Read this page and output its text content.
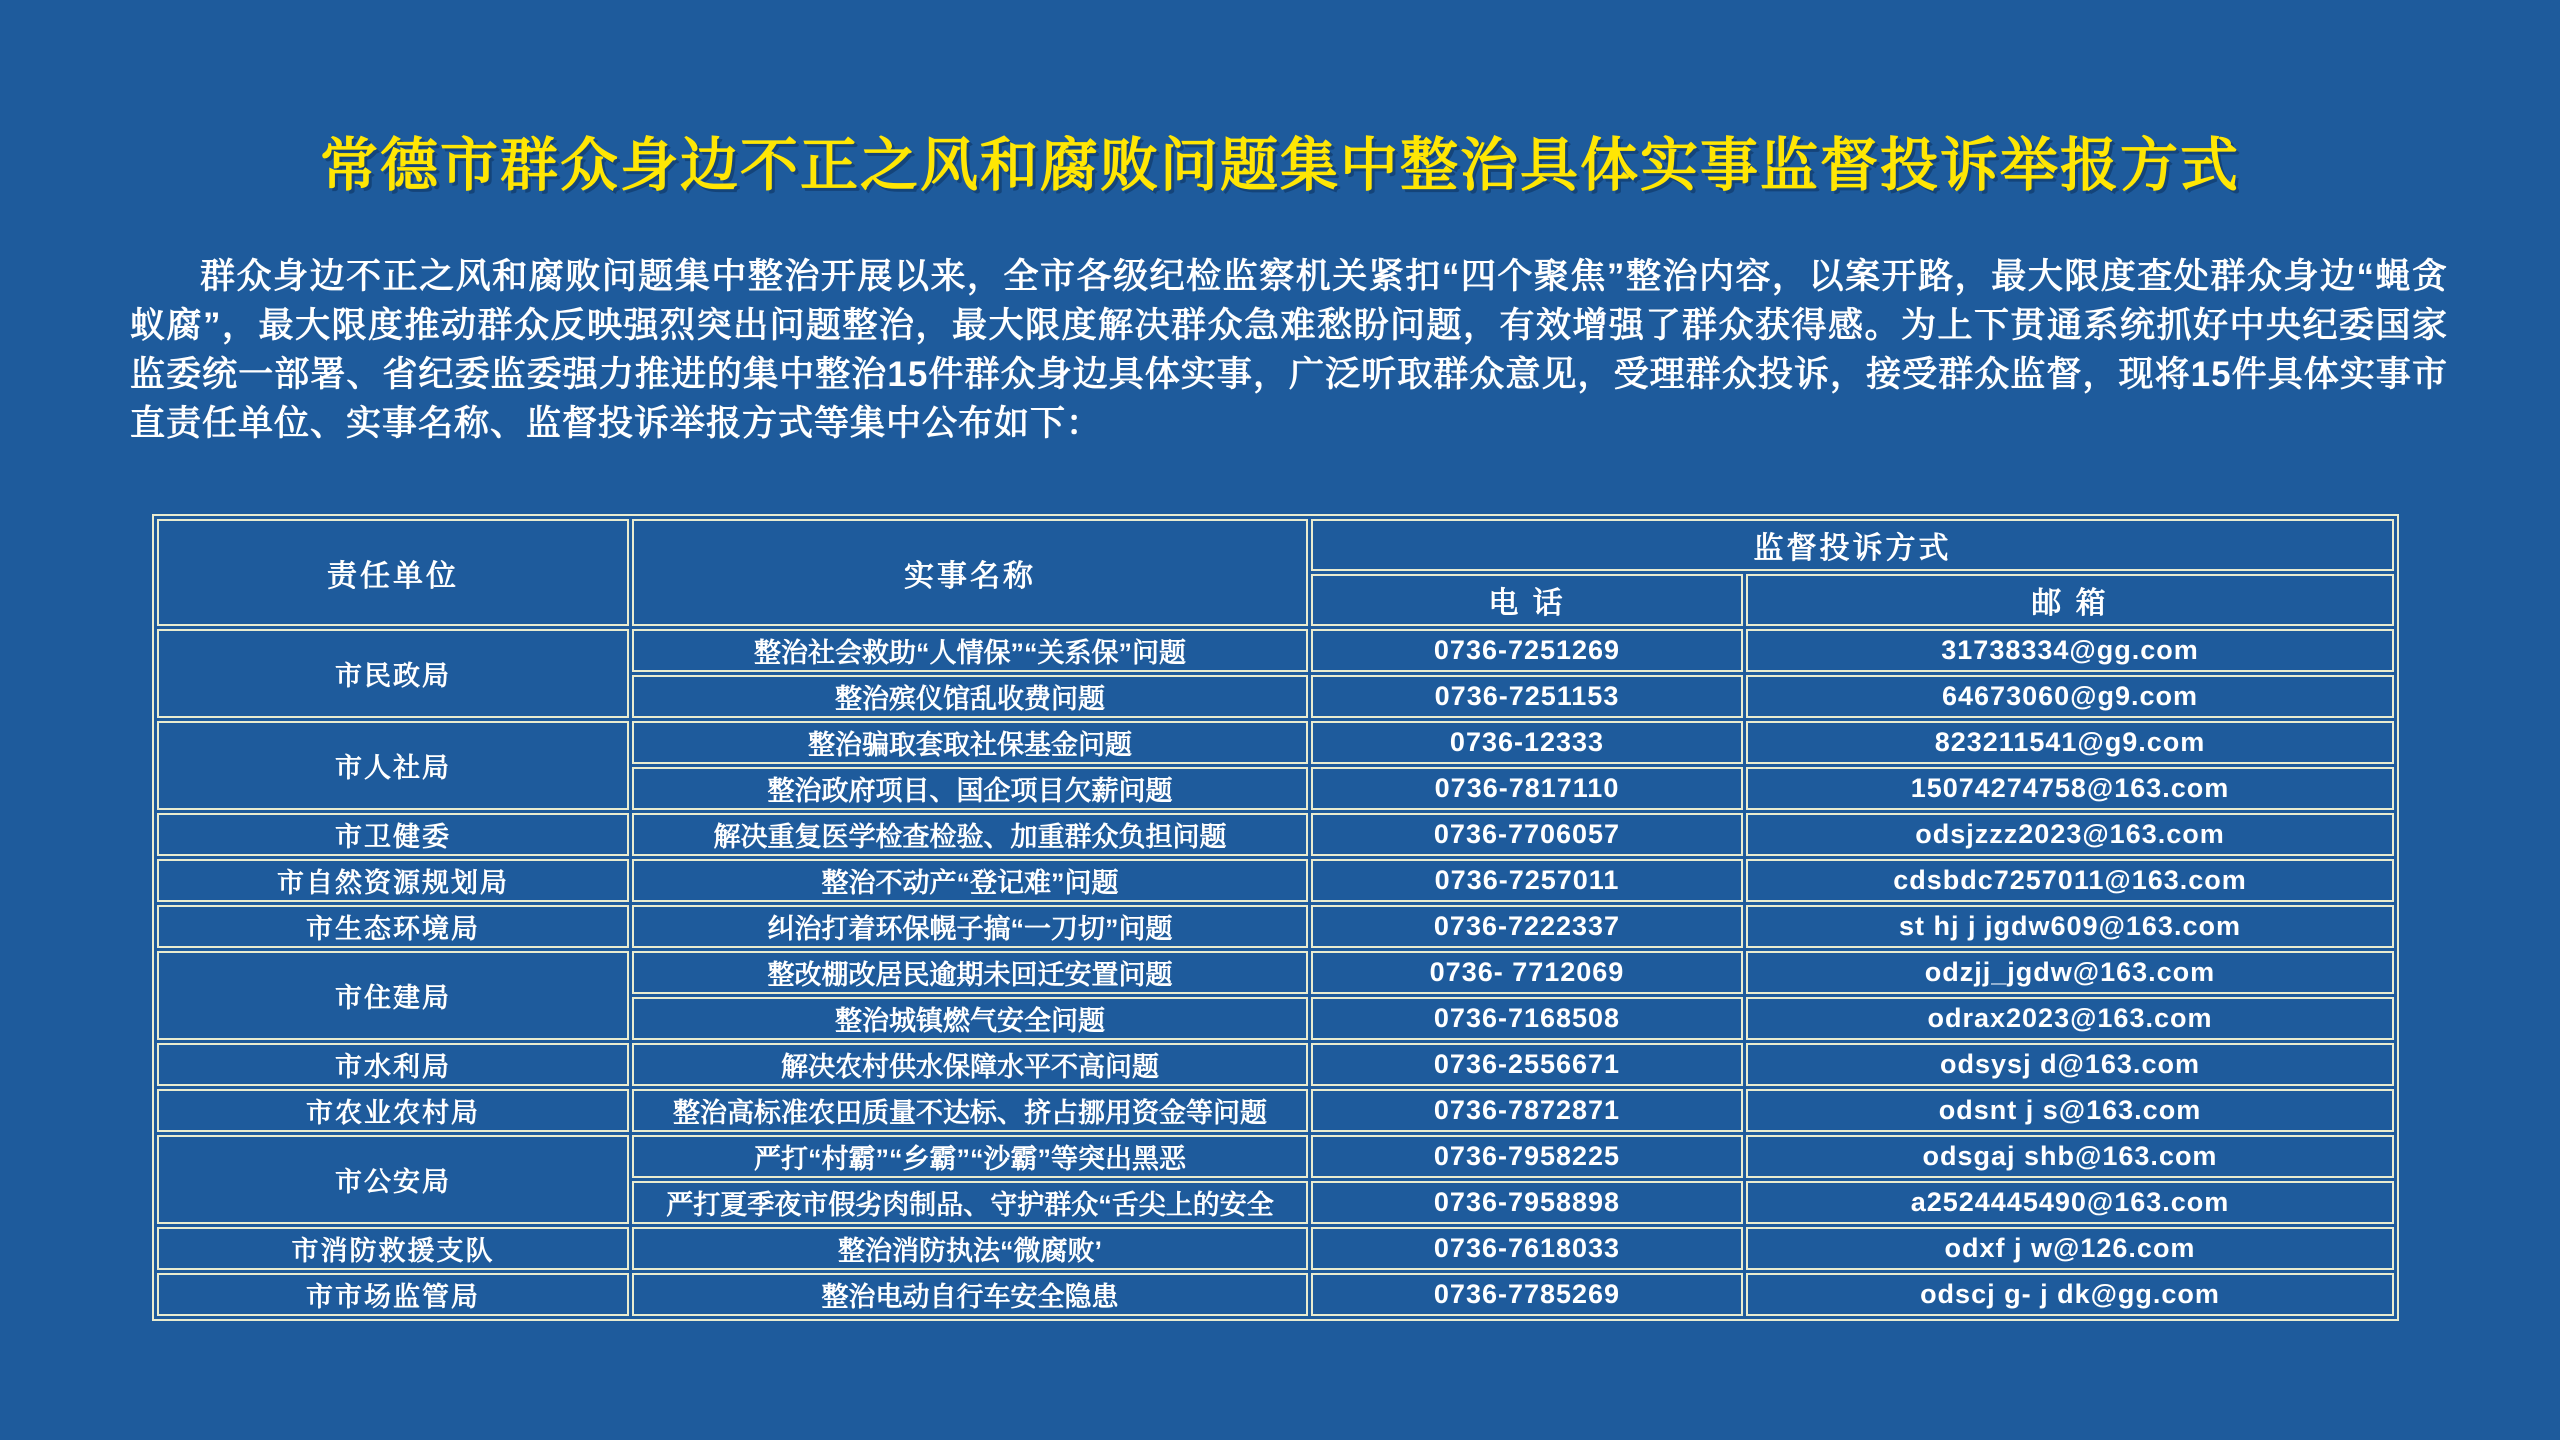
常德市群众身边不正之风和腐败问题集中整治具体实事监督投诉举报方式

群众身边不正之风和腐败问题集中整治开展以来，全市各级纪检监察机关紧扣“四个聚焦”整治内容，以案开路，最大限度查处群众身边“蝇贪蚁腐”，最大限度推动群众反映强烈突出问题整治，最大限度解决群众急难愁盼问题，有效增强了群众获得感。为上下贯通系统抓好中央纪委国家监委统一部署、省纪委监委强力推进的集中整治15件群众身边具体实事，广泛听取群众意见，受理群众投诉，接受群众监督，现将15件具体实事市直责任单位、实事名称、监督投诉举报方式等集中公布如下：

责任单位	实事名称	监督投诉方式	
		电 话	邮 箱
市民政局	整治社会救助“人情保”“关系保”问题	0736-7251269	31738334@gg.com
	整治殡仪馆乱收费问题	0736-7251153	64673060@g9.com
市人社局	整治骗取套取社保基金问题	0736-12333	823211541@g9.com
	整治政府项目、国企项目欠薪问题	0736-7817110	15074274758@163.com
市卫健委	解决重复医学检查检验、加重群众负担问题	0736-7706057	odsjzzz2023@163.com
市自然资源规划局	整治不动产“登记难”问题	0736-7257011	cdsbdc7257011@163.com
市生态环境局	纠治打着环保幌子搞“一刀切”问题	0736-7222337	st hj j jgdw609@163.com
市住建局	整改棚改居民逾期未回迁安置问题	0736- 7712069	odzjj_jgdw@163.com
	整治城镇燃气安全问题	0736-7168508	odrax2023@163.com
市水利局	解决农村供水保障水平不高问题	0736-2556671	odsysj d@163.com
市农业农村局	整治高标准农田质量不达标、挤占挪用资金等问题	0736-7872871	odsnt j s@163.com
市公安局	严打“村霸”“乡霸”“沙霸”等突出黑恶	0736-7958225	odsgaj shb@163.com
	严打夏季夜市假劣肉制品、守护群众“舌尖上的安全	0736-7958898	a2524445490@163.com
市消防救援支队	整治消防执法“微腐败’	0736-7618033	odxf j w@126.com
市市场监管局	整治电动自行车安全隐患	0736-7785269	odscj g- j dk@gg.com
